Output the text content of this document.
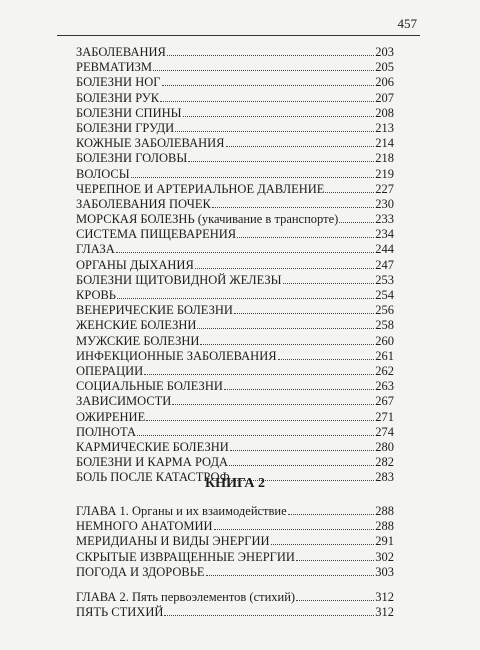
457
ЗАБОЛЕВАНИЯ	203
РЕВМАТИЗМ	205
БОЛЕЗНИ НОГ	206
БОЛЕЗНИ РУК	207
БОЛЕЗНИ СПИНЫ	208
БОЛЕЗНИ ГРУДИ	213
КОЖНЫЕ ЗАБОЛЕВАНИЯ	214
БОЛЕЗНИ ГОЛОВЫ	218
ВОЛОСЫ	219
ЧЕРЕПНОЕ И АРТЕРИАЛЬНОЕ ДАВЛЕНИЕ	227
ЗАБОЛЕВАНИЯ ПОЧЕК	230
МОРСКАЯ БОЛЕЗНЬ (укачивание в транспорте)	233
СИСТЕМА ПИЩЕВАРЕНИЯ	234
ГЛАЗА	244
ОРГАНЫ ДЫХАНИЯ	247
БОЛЕЗНИ ЩИТОВИДНОЙ ЖЕЛЕЗЫ	253
КРОВЬ	254
ВЕНЕРИЧЕСКИЕ БОЛЕЗНИ	256
ЖЕНСКИЕ БОЛЕЗНИ	258
МУЖСКИЕ БОЛЕЗНИ	260
ИНФЕКЦИОННЫЕ ЗАБОЛЕВАНИЯ	261
ОПЕРАЦИИ	262
СОЦИАЛЬНЫЕ БОЛЕЗНИ	263
ЗАВИСИМОСТИ	267
ОЖИРЕНИЕ	271
ПОЛНОТА	274
КАРМИЧЕСКИЕ БОЛЕЗНИ	280
БОЛЕЗНИ И КАРМА РОДА	282
БОЛЬ ПОСЛЕ КАТАСТРОФ	283
КНИГА 2
ГЛАВА 1. Органы и их взаимодействие	288
НЕМНОГО АНАТОМИИ	288
МЕРИДИАНЫ И ВИДЫ ЭНЕРГИИ	291
СКРЫТЫЕ ИЗВРАЩЕННЫЕ ЭНЕРГИИ	302
ПОГОДА И ЗДОРОВЬЕ	303
ГЛАВА 2. Пять первоэлементов (стихий)	312
ПЯТЬ СТИХИЙ	312
